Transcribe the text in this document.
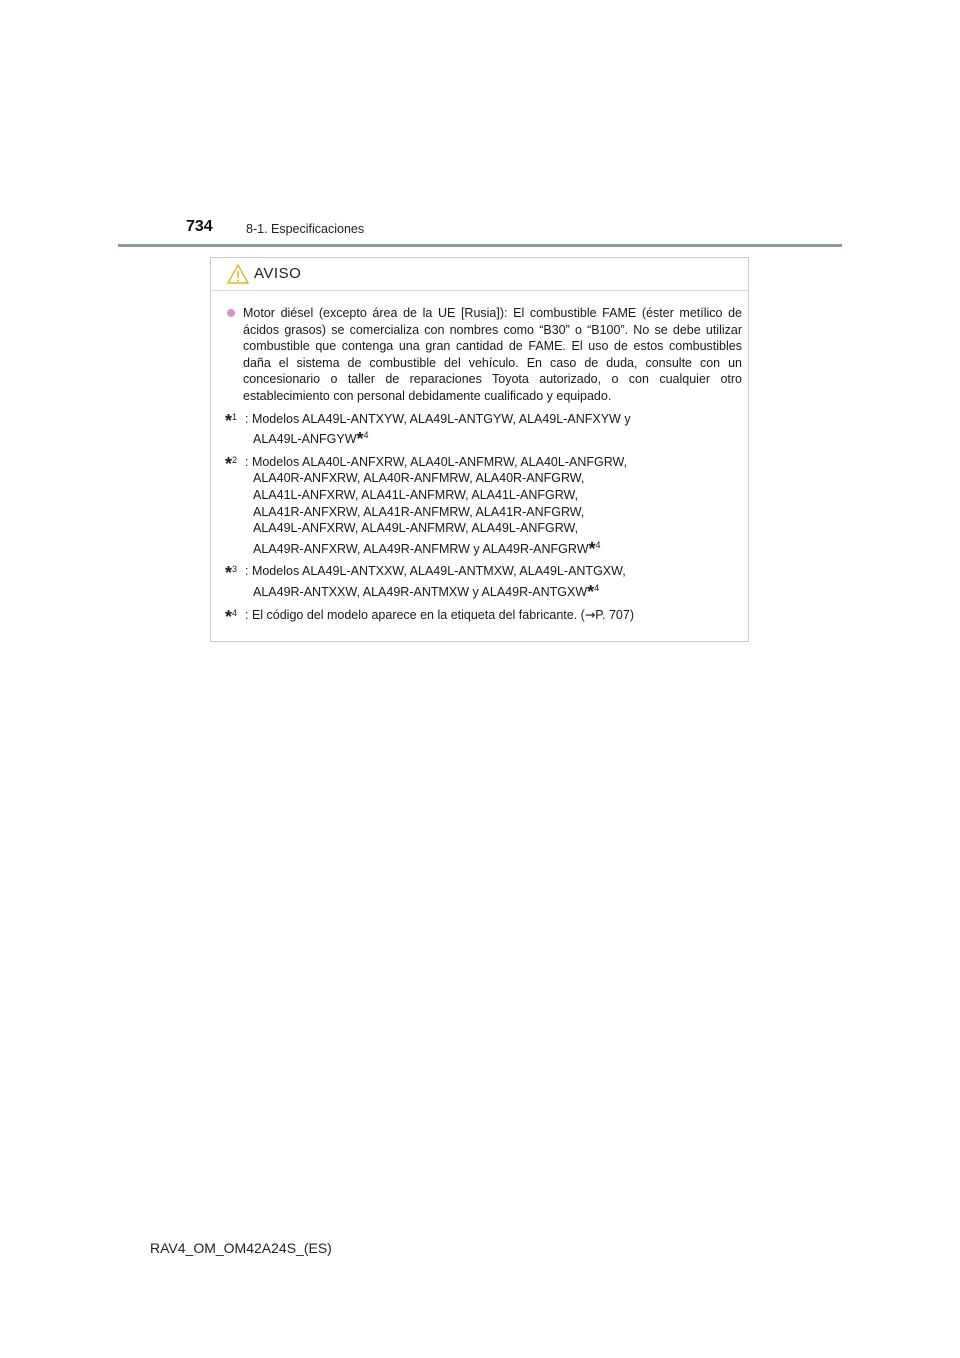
734	8-1. Especificaciones
AVISO
Motor diésel (excepto área de la UE [Rusia]): El combustible FAME (éster metílico de ácidos grasos) se comercializa con nombres como “B30” o “B100”. No se debe utilizar combustible que contenga una gran cantidad de FAME. El uso de estos combustibles daña el sistema de combustible del vehículo. En caso de duda, consulte con un concesionario o taller de reparaciones Toyota autorizado, o con cualquier otro establecimiento con personal debidamente cualificado y equipado.
*$^1$ : Modelos ALA49L-ANTXYW, ALA49L-ANTGYW, ALA49L-ANFXYW y
ALA49L-ANFGYW*$^4$
*$^2$ : Modelos ALA40L-ANFXRW, ALA40L-ANFMRW, ALA40L-ANFGRW,
ALA40R-ANFXRW, ALA40R-ANFMRW, ALA40R-ANFGRW,
ALA41L-ANFXRW, ALA41L-ANFMRW, ALA41L-ANFGRW,
ALA41R-ANFXRW, ALA41R-ANFMRW, ALA41R-ANFGRW,
ALA49L-ANFXRW, ALA49L-ANFMRW, ALA49L-ANFGRW,
ALA49R-ANFXRW, ALA49R-ANFMRW y ALA49R-ANFGRW*$^4$
*$^3$ : Modelos ALA49L-ANTXXW, ALA49L-ANTMXW, ALA49L-ANTGXW,
ALA49R-ANTXXW, ALA49R-ANTMXW y ALA49R-ANTGXW*$^4$
*$^4$ : El código del modelo aparece en la etiqueta del fabricante. (→P. 707)
RAV4_OM_OM42A24S_(ES)
